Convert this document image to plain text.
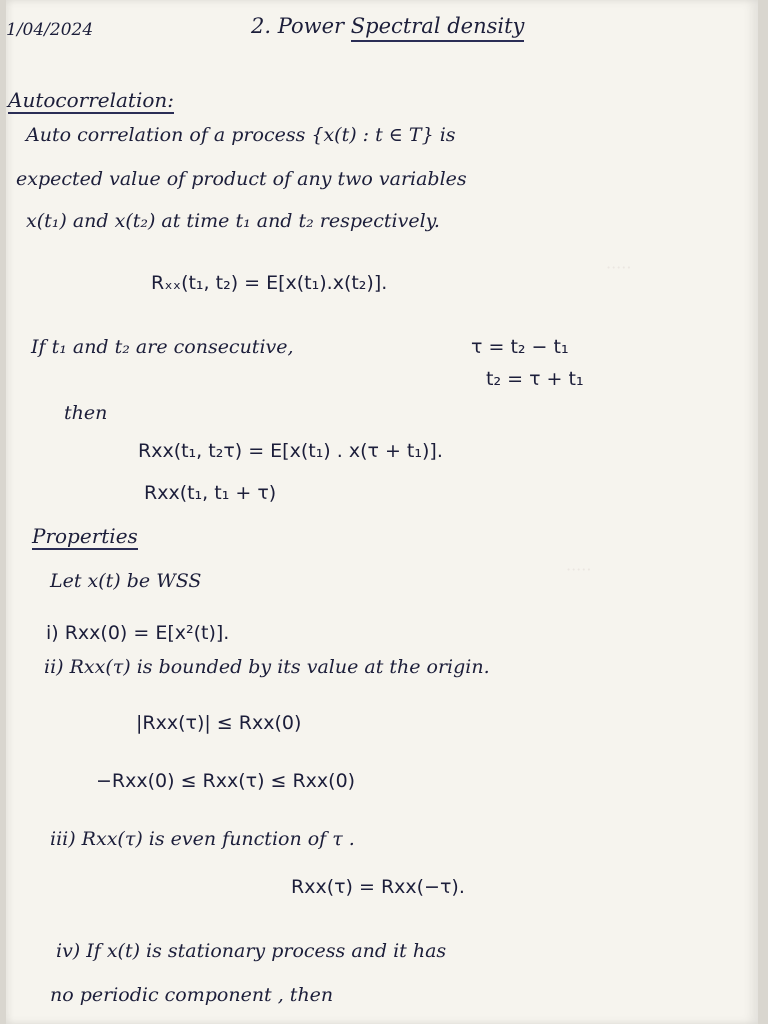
·····
·····
1/04/2024	2. Power Spectral density
Autocorrelation:
Auto correlation of a process {x(t) : t ∈ T} is
expected value of product of any two variables
x(t₁) and x(t₂) at time t₁ and t₂ respectively.
Rₓₓ(t₁, t₂) = E[x(t₁).x(t₂)].
If t₁ and t₂ are consecutive,	τ = t₂ − t₁
t₂ = τ + t₁
then
Rxx(t₁, t₂τ) = E[x(t₁) . x(τ + t₁)].
Rxx(t₁, t₁ + τ)
Properties
Let x(t) be WSS
i) Rxx(0) = E[x²(t)].
ii) Rxx(τ) is bounded by its value at the origin.
|Rxx(τ)| ≤ Rxx(0)
−Rxx(0) ≤ Rxx(τ) ≤ Rxx(0)
iii) Rxx(τ) is even function of τ .
Rxx(τ) = Rxx(−τ).
iv) If x(t) is stationary process and it has
no periodic component , then
